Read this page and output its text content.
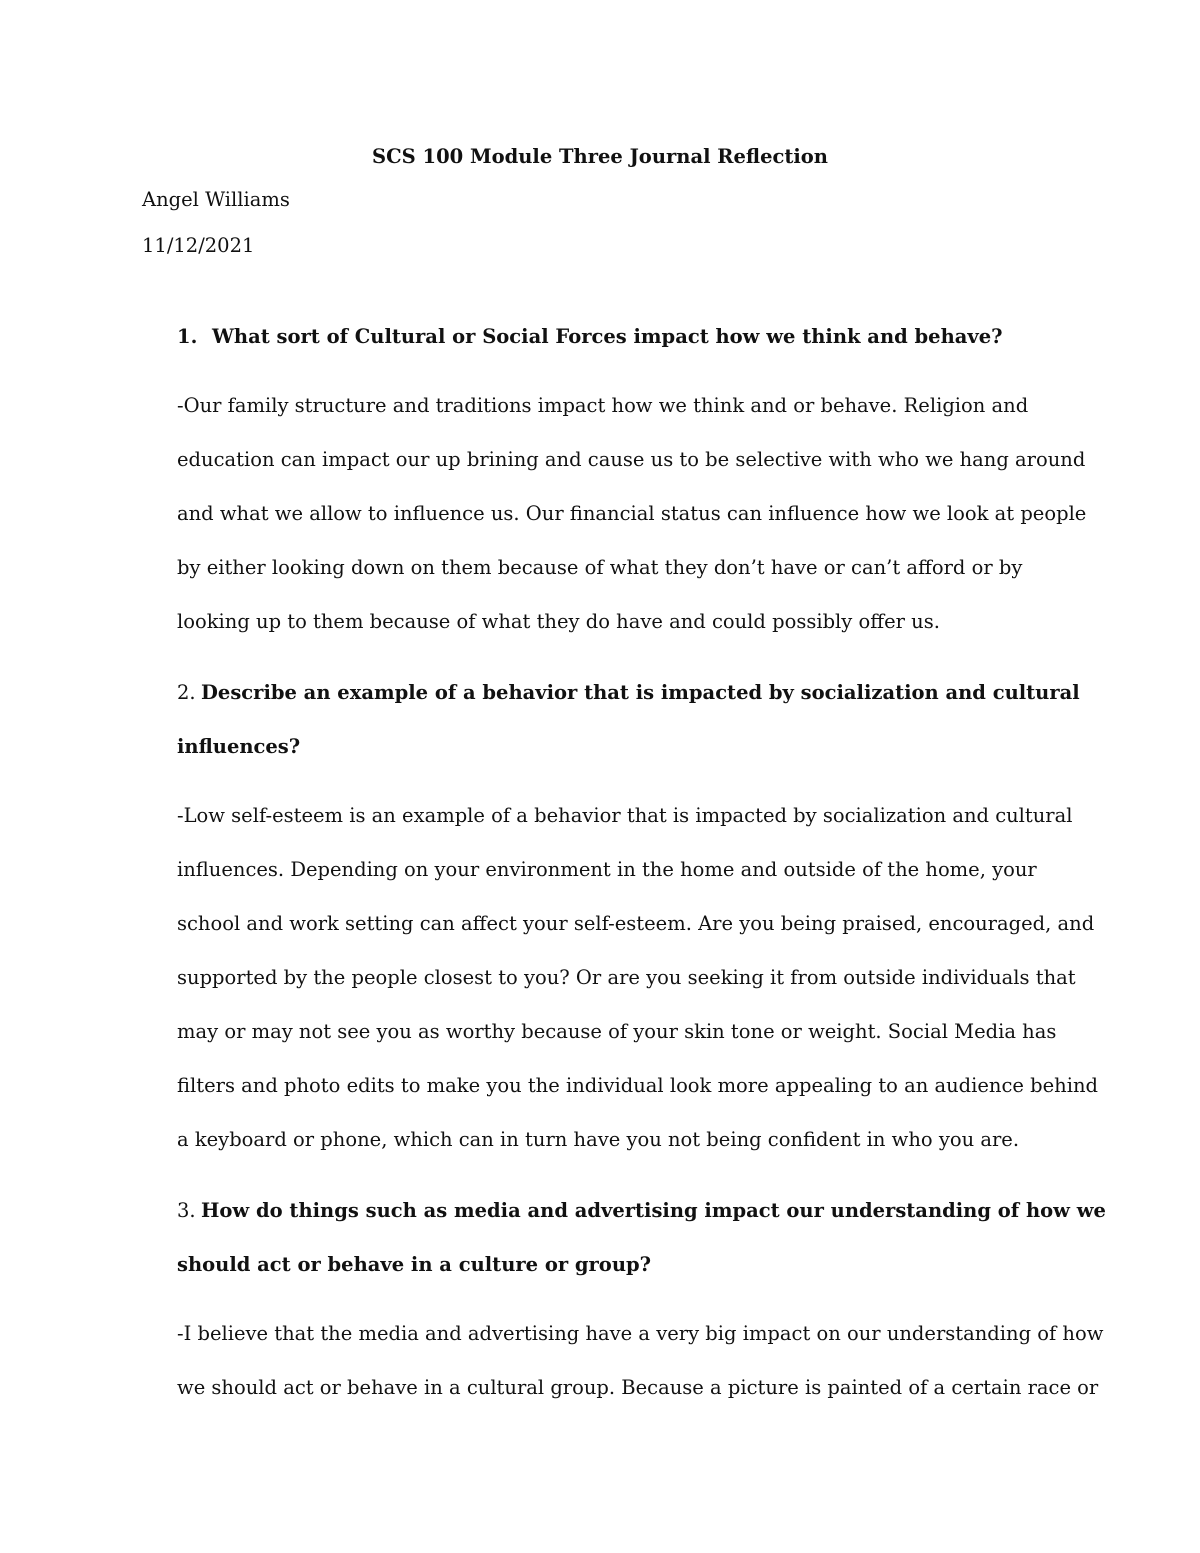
SCS 100 Module Three Journal Reflection

Angel Williams

11/12/2021

1. What sort of Cultural or Social Forces impact how we think and behave?

-Our family structure and traditions impact how we think and or behave. Religion and

education can impact our up brining and cause us to be selective with who we hang around

and what we allow to influence us. Our financial status can influence how we look at people

by either looking down on them because of what they don’t have or can’t afford or by

looking up to them because of what they do have and could possibly offer us.

2. Describe an example of a behavior that is impacted by socialization and cultural

influences?

-Low self-esteem is an example of a behavior that is impacted by socialization and cultural

influences. Depending on your environment in the home and outside of the home, your

school and work setting can affect your self-esteem. Are you being praised, encouraged, and

supported by the people closest to you? Or are you seeking it from outside individuals that

may or may not see you as worthy because of your skin tone or weight. Social Media has

filters and photo edits to make you the individual look more appealing to an audience behind

a keyboard or phone, which can in turn have you not being confident in who you are.

3. How do things such as media and advertising impact our understanding of how we

should act or behave in a culture or group?

-I believe that the media and advertising have a very big impact on our understanding of how

we should act or behave in a cultural group. Because a picture is painted of a certain race or
